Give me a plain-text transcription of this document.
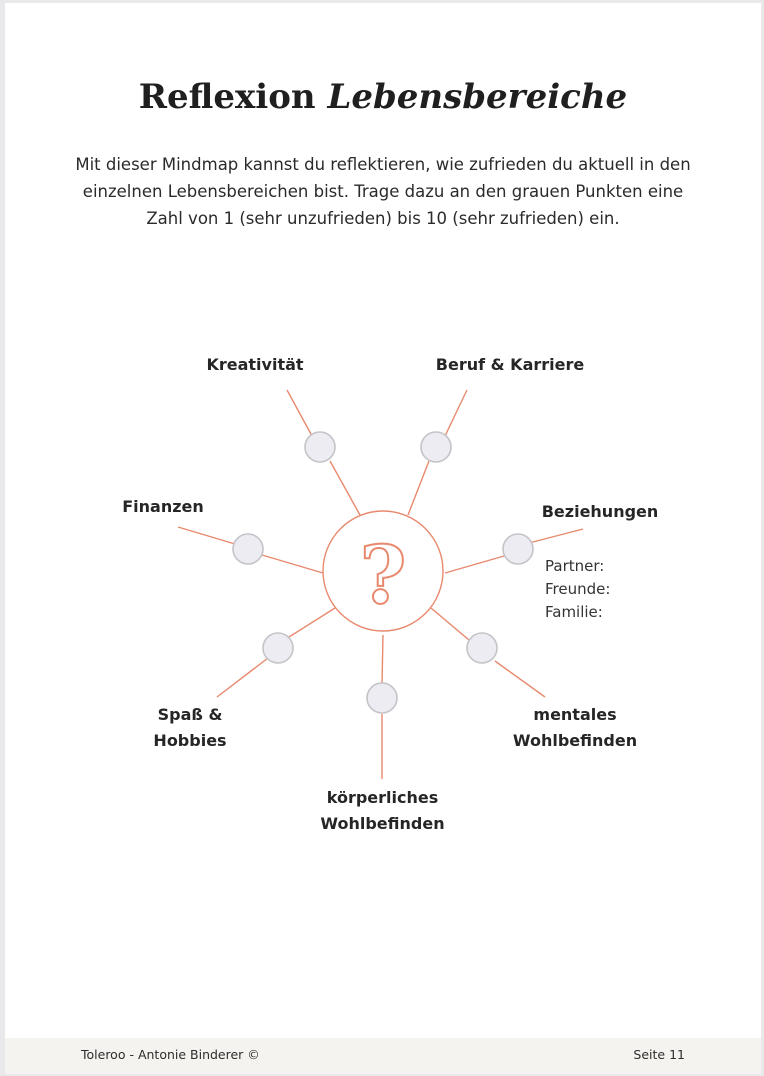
Reflexion Lebensbereiche

Mit dieser Mindmap kannst du reflektieren, wie zufrieden du aktuell in den einzelnen Lebensbereichen bist. Trage dazu an den grauen Punkten eine Zahl von 1 (sehr unzufrieden) bis 10 (sehr zufrieden) ein.

?
Kreativität	Beruf & Karriere
Finanzen	Beziehungen
Partner:
Freunde:
Familie:
Spaß &
Hobbies
mentales
Wohlbefinden
körperliches
Wohlbefinden
Toleroo - Antonie Binderer ©	Seite 11
